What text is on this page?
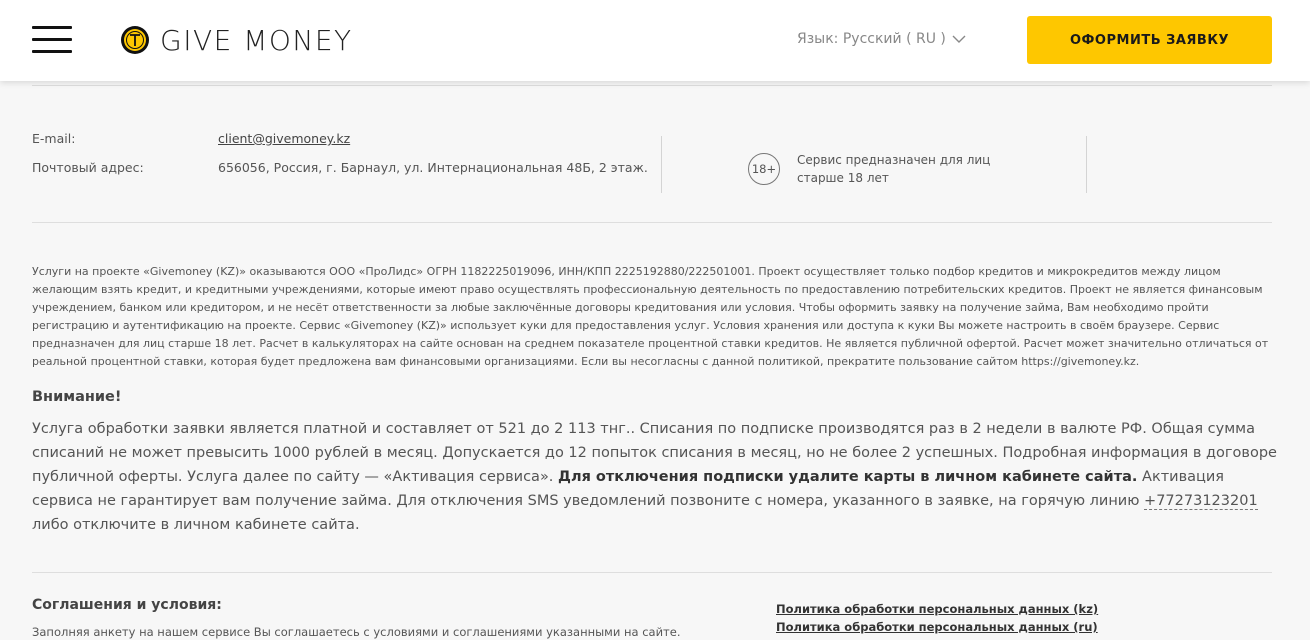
GIVE MONEY	Язык: Русский ( RU )	ОФОРМИТЬ ЗАЯВКУ
E-mail:	client@givemoney.kz
Почтовый адрес:	656056, Россия, г. Барнаул, ул. Интернациональная 48Б, 2 этаж.	18+
Сервис предназначен для лиц старше 18 лет
Услуги на проекте «Givemoney (KZ)» оказываются ООО «ПроЛидс» ОГРН 1182225019096, ИНН/КПП 2225192880/222501001. Проект осуществляет только подбор кредитов и микрокредитов между лицом желающим взять кредит, и кредитными учреждениями, которые имеют право осуществлять профессиональную деятельность по предоставлению потребительских кредитов. Проект не является финансовым учреждением, банком или кредитором, и не несёт ответственности за любые заключённые договоры кредитования или условия. Чтобы оформить заявку на получение займа, Вам необходимо пройти регистрацию и аутентификацию на проекте. Сервис «Givemoney (KZ)» использует куки для предоставления услуг. Условия хранения или доступа к куки Вы можете настроить в своём браузере. Сервис предназначен для лиц старше 18 лет. Расчет в калькуляторах на сайте основан на среднем показателе процентной ставки кредитов. Не является публичной офертой. Расчет может значительно отличаться от реальной процентной ставки, которая будет предложена вам финансовыми организациями. Если вы несогласны с данной политикой, прекратите пользование сайтом https://givemoney.kz.
Внимание!
Услуга обработки заявки является платной и составляет от 521 до 2 113 тнг.. Списания по подписке производятся раз в 2 недели в валюте РФ. Общая сумма списаний не может превысить 1000 рублей в месяц. Допускается до 12 попыток списания в месяц, но не более 2 успешных. Подробная информация в договоре публичной оферты. Услуга далее по сайту — «Активация сервиса». Для отключения подписки удалите карты в личном кабинете сайта. Активация сервиса не гарантирует вам получение займа. Для отключения SMS уведомлений позвоните с номера, указанного в заявке, на горячую линию +77273123201 либо отключите в личном кабинете сайта.
Соглашения и условия:
Заполняя анкету на нашем сервисе Вы соглашаетесь с условиями и соглашениями указанными на сайте.
Политика обработки персональных данных (kz)
Политика обработки персональных данных (ru)
